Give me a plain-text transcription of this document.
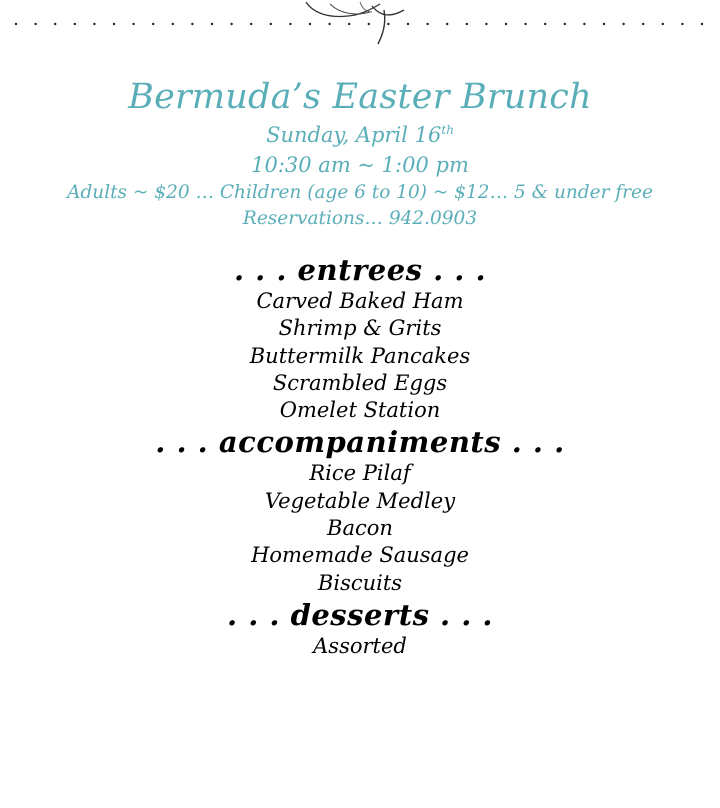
Bermuda’s Easter Brunch
Sunday, April 16th
10:30 am ~ 1:00 pm
Adults ~ $20 … Children (age 6 to 10) ~ $12… 5 & under free
Reservations… 942.0903
. . . entrees . . .
Carved Baked Ham
Shrimp & Grits
Buttermilk Pancakes
Scrambled Eggs
Omelet Station
. . . accompaniments . . .
Rice Pilaf
Vegetable Medley
Bacon
Homemade Sausage
Biscuits
. . . desserts . . .
Assorted
